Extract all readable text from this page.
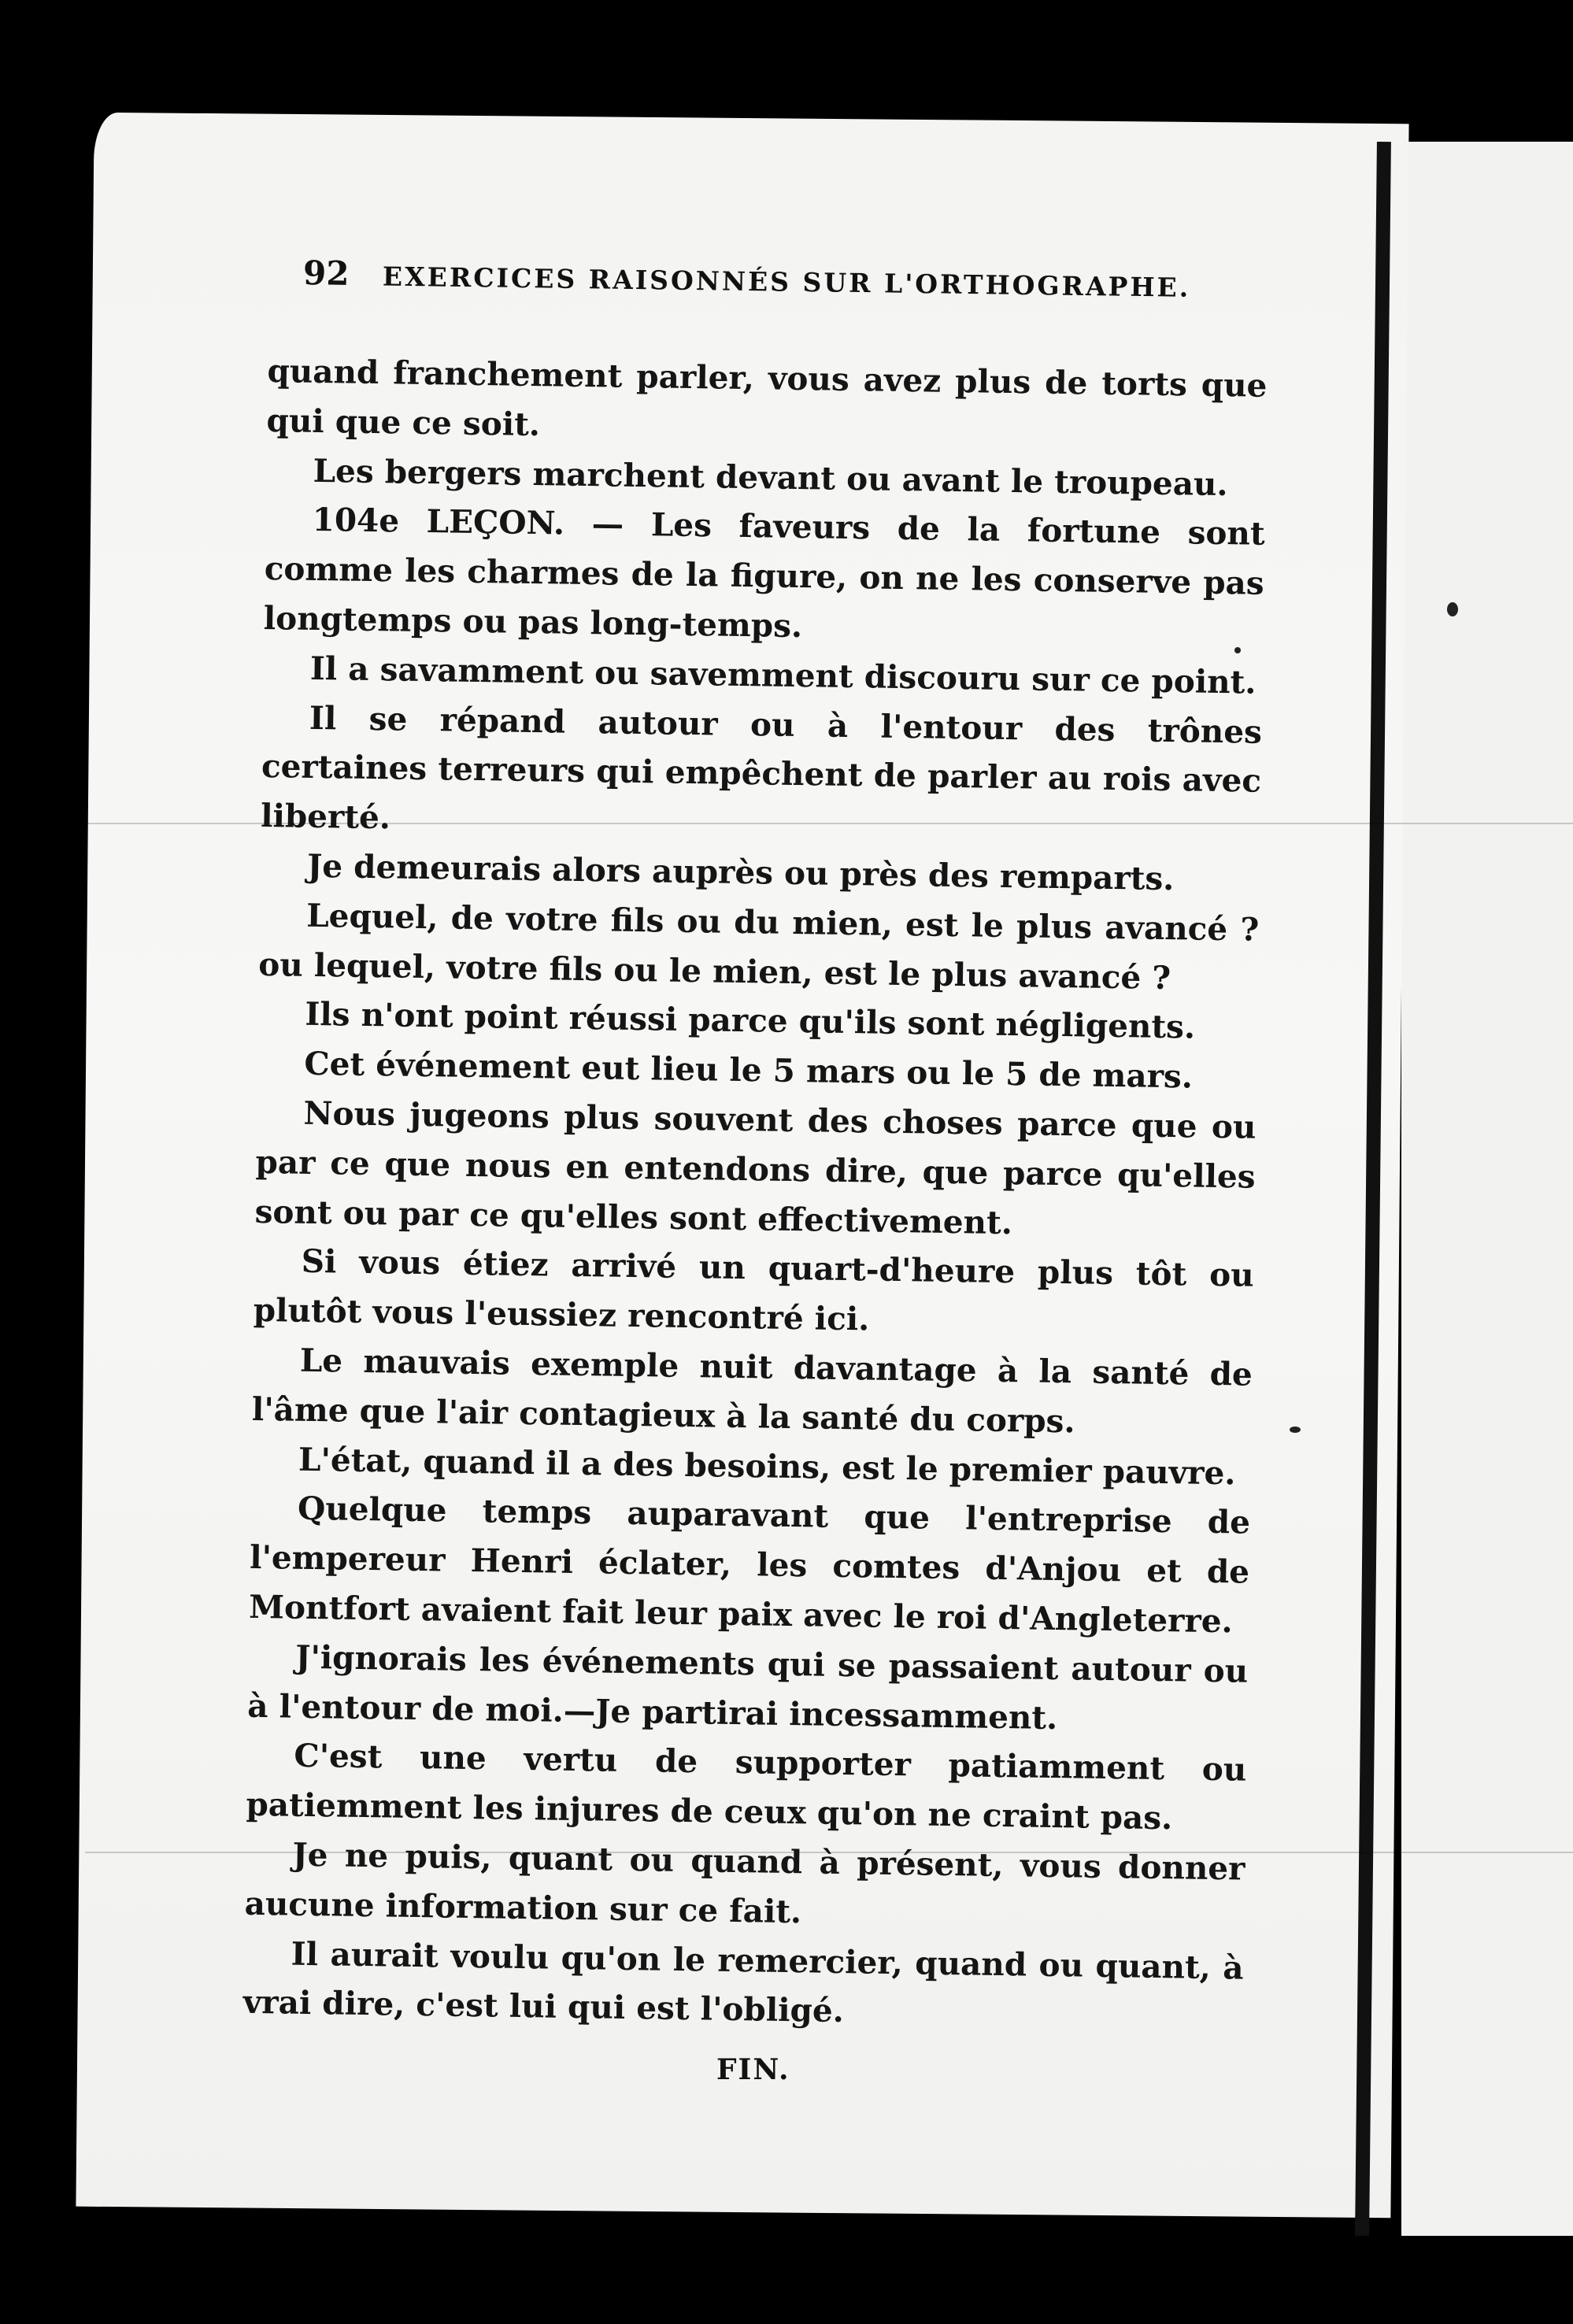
92 EXERCICES RAISONNÉS SUR L'ORTHOGRAPHE.

quand franchement parler, vous avez plus de torts que qui que ce soit.

Les bergers marchent devant ou avant le troupeau.

104e LEÇON. — Les faveurs de la fortune sont comme les charmes de la figure, on ne les conserve pas longtemps ou pas long-temps.

Il a savamment ou savemment discouru sur ce point.

Il se répand autour ou à l'entour des trônes certaines terreurs qui empêchent de parler au rois avec liberté.

Je demeurais alors auprès ou près des remparts.

Lequel, de votre fils ou du mien, est le plus avancé ? ou lequel, votre fils ou le mien, est le plus avancé ?

Ils n'ont point réussi parce qu'ils sont négligents.

Cet événement eut lieu le 5 mars ou le 5 de mars.

Nous jugeons plus souvent des choses parce que ou par ce que nous en entendons dire, que parce qu'elles sont ou par ce qu'elles sont effectivement.

Si vous étiez arrivé un quart-d'heure plus tôt ou plutôt vous l'eussiez rencontré ici.

Le mauvais exemple nuit davantage à la santé de l'âme que l'air contagieux à la santé du corps.

L'état, quand il a des besoins, est le premier pauvre.

Quelque temps auparavant que l'entreprise de l'empereur Henri éclater, les comtes d'Anjou et de Montfort avaient fait leur paix avec le roi d'Angleterre.

J'ignorais les événements qui se passaient autour ou à l'entour de moi.—Je partirai incessamment.

C'est une vertu de supporter patiamment ou patiemment les injures de ceux qu'on ne craint pas.

Je ne puis, quant ou quand à présent, vous donner aucune information sur ce fait.

Il aurait voulu qu'on le remercier, quand ou quant, à vrai dire, c'est lui qui est l'obligé.

FIN.
